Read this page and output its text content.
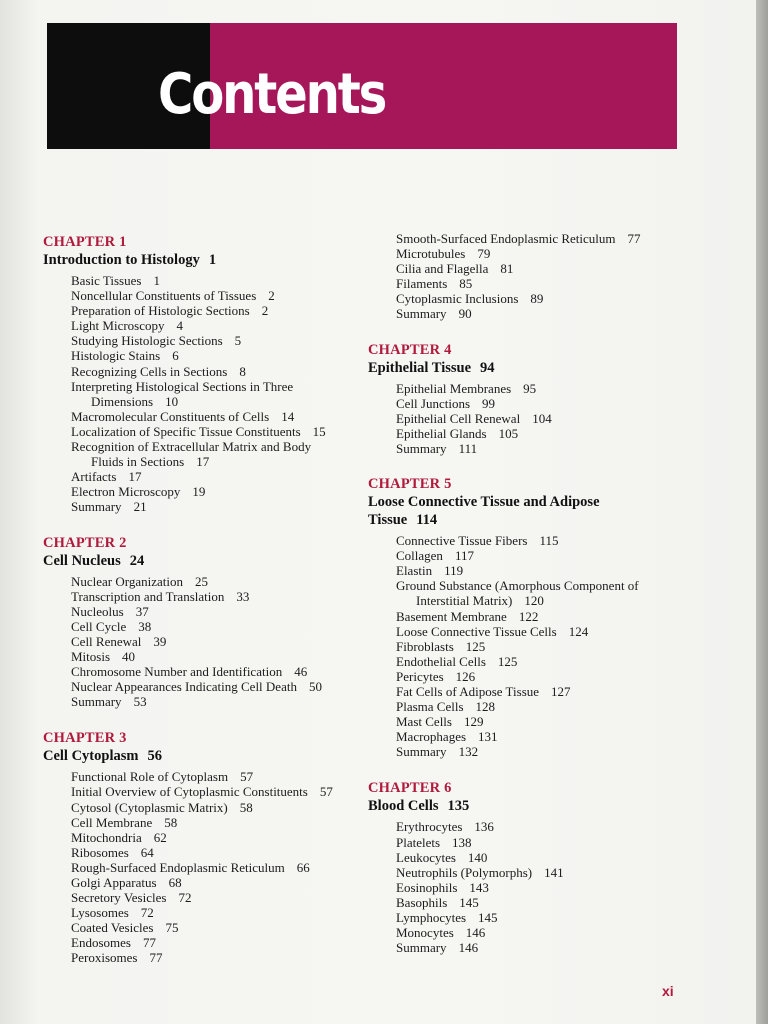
Contents
CHAPTER 1
Introduction to Histology 1
Basic Tissues 1
Noncellular Constituents of Tissues 2
Preparation of Histologic Sections 2
Light Microscopy 4
Studying Histologic Sections 5
Histologic Stains 6
Recognizing Cells in Sections 8
Interpreting Histological Sections in Three
Dimensions 10
Macromolecular Constituents of Cells 14
Localization of Specific Tissue Constituents 15
Recognition of Extracellular Matrix and Body
Fluids in Sections 17
Artifacts 17
Electron Microscopy 19
Summary 21
CHAPTER 2
Cell Nucleus 24
Nuclear Organization 25
Transcription and Translation 33
Nucleolus 37
Cell Cycle 38
Cell Renewal 39
Mitosis 40
Chromosome Number and Identification 46
Nuclear Appearances Indicating Cell Death 50
Summary 53
CHAPTER 3
Cell Cytoplasm 56
Functional Role of Cytoplasm 57
Initial Overview of Cytoplasmic Constituents 57
Cytosol (Cytoplasmic Matrix) 58
Cell Membrane 58
Mitochondria 62
Ribosomes 64
Rough-Surfaced Endoplasmic Reticulum 66
Golgi Apparatus 68
Secretory Vesicles 72
Lysosomes 72
Coated Vesicles 75
Endosomes 77
Peroxisomes 77
Smooth-Surfaced Endoplasmic Reticulum 77
Microtubules 79
Cilia and Flagella 81
Filaments 85
Cytoplasmic Inclusions 89
Summary 90
CHAPTER 4
Epithelial Tissue 94
Epithelial Membranes 95
Cell Junctions 99
Epithelial Cell Renewal 104
Epithelial Glands 105
Summary 111
CHAPTER 5
Loose Connective Tissue and Adipose
Tissue 114
Connective Tissue Fibers 115
Collagen 117
Elastin 119
Ground Substance (Amorphous Component of
Interstitial Matrix) 120
Basement Membrane 122
Loose Connective Tissue Cells 124
Fibroblasts 125
Endothelial Cells 125
Pericytes 126
Fat Cells of Adipose Tissue 127
Plasma Cells 128
Mast Cells 129
Macrophages 131
Summary 132
CHAPTER 6
Blood Cells 135
Erythrocytes 136
Platelets 138
Leukocytes 140
Neutrophils (Polymorphs) 141
Eosinophils 143
Basophils 145
Lymphocytes 145
Monocytes 146
Summary 146
xi
